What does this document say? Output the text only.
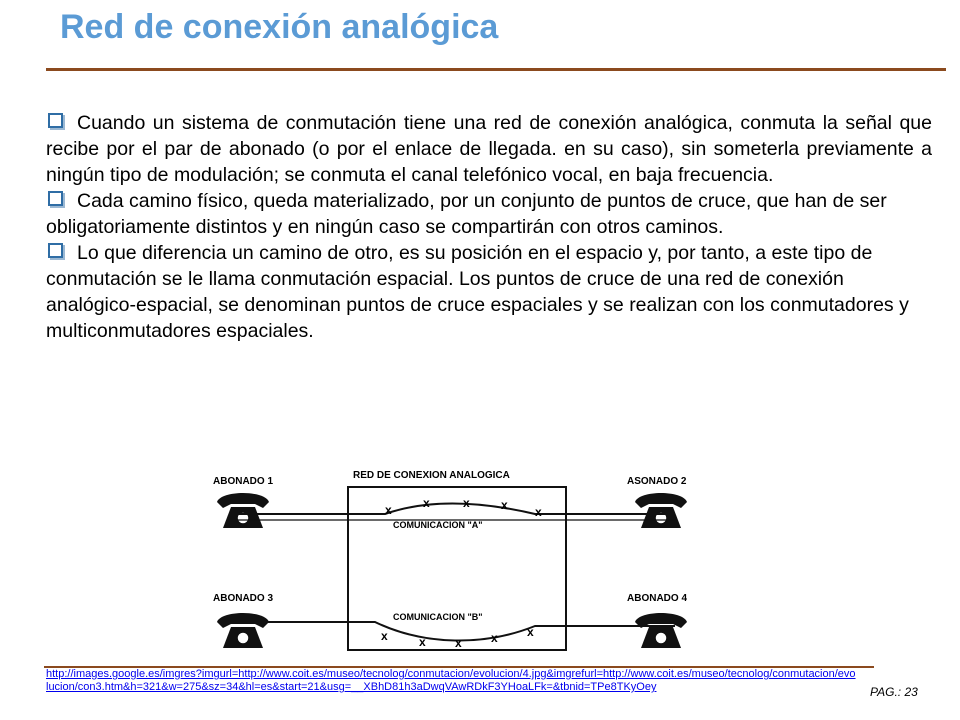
Red de conexión analógica

Cuando un sistema de conmutación tiene una red de conexión analógica, conmuta la señal que recibe por el par de abonado (o por el enlace de llegada. en su caso), sin someterla previamente a ningún tipo de modulación; se conmuta el canal telefónico vocal, en baja frecuencia.

Cada camino físico, queda materializado, por un conjunto de puntos de cruce, que han de ser obligatoriamente distintos y en ningún caso se compartirán con otros caminos.

Lo que diferencia un camino de otro, es su posición en el espacio y, por tanto, a este tipo de conmutación se le llama conmutación espacial. Los puntos de cruce de una red de conexión analógico-espacial, se denominan puntos de cruce espaciales y se realizan con los conmutadores y multiconmutadores espaciales.

RED DE CONEXION ANALOGICA
ABONADO 1	ASONADO 2
ABONADO 3	ABONADO 4
x	x	x	x x
COMUNICACION "A"
COMUNICACION "B"
x	x x x x
http://images.google.es/imgres?imgurl=http://www.coit.es/museo/tecnolog/conmutacion/evolucion/4.jpg&imgrefurl=http://www.coit.es/museo/tecnolog/conmutacion/evolucion/con3.htm&h=321&w=275&sz=34&hl=es&start=21&usg=__XBhD81h3aDwqVAwRDkF3YHoaLFk=&tbnid=TPe8TKyOey	PAG.: 23
